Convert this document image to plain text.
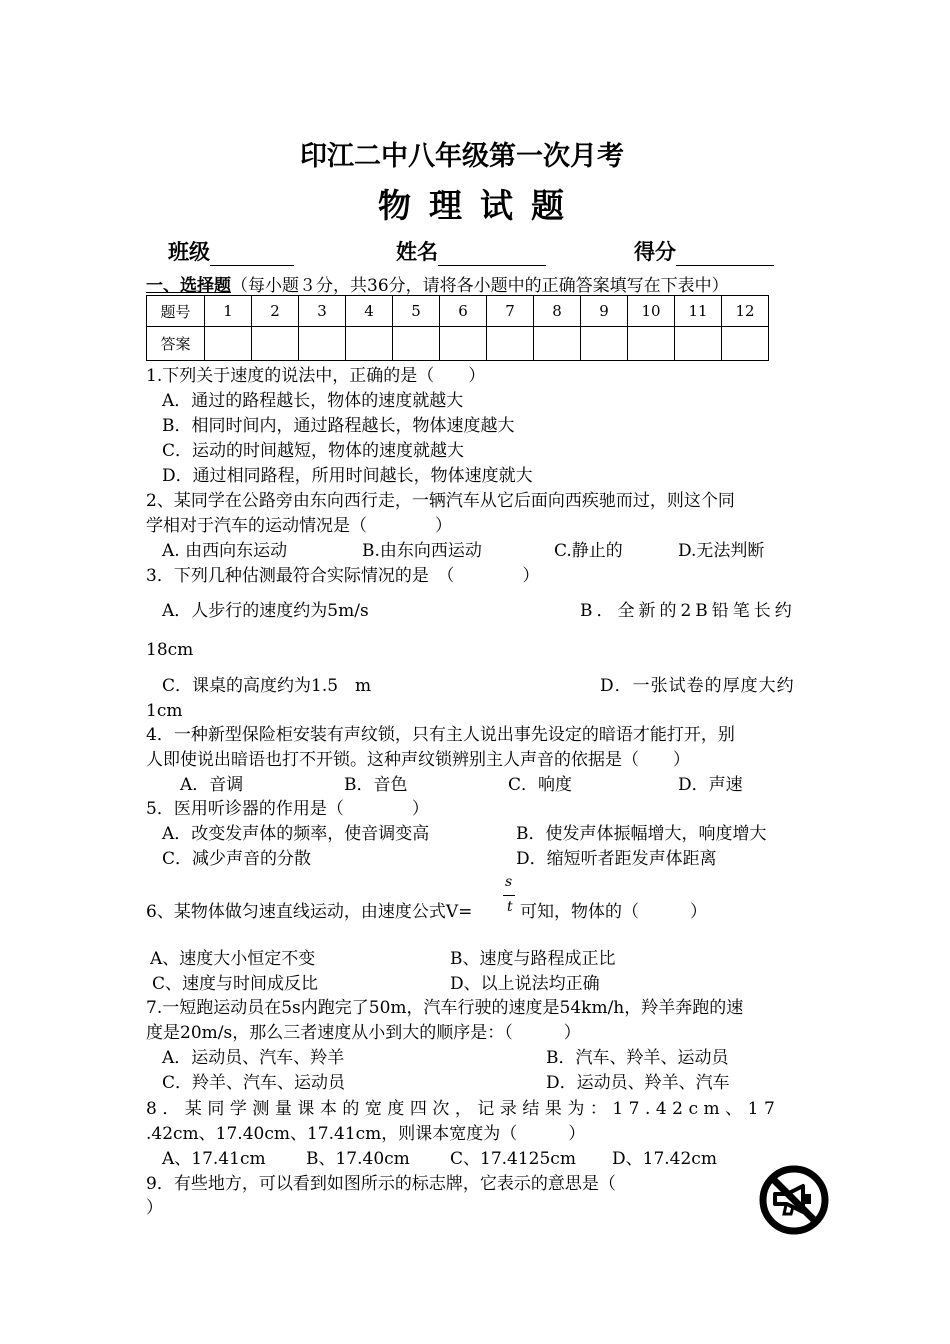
印江二中八年级第一次月考
物理试题
班级	姓名	得分
一、选择题（每小题３分，共36分，请将各小题中的正确答案填写在下表中）
题号	1	2	3	4	5	6	7	8	9	10	11	12
答案												
1.下列关于速度的说法中，正确的是（　　）
A．通过的路程越长，物体的速度就越大
B．相同时间内，通过路程越长，物体速度越大
C．运动的时间越短，物体的速度就越大
D．通过相同路程，所用时间越长，物体速度就大
2、某同学在公路旁由东向西行走，一辆汽车从它后面向西疾驰而过，则这个同
学相对于汽车的运动情况是（　　　　）
A. 由西向东运动	B.由东向西运动	C.静止的	D.无法判断
3．下列几种估测最符合实际情况的是　（　　　　）
A．人步行的速度约为5m/s	B．全新的2B铅笔长约
18cm
C．课桌的高度约为1.5　m	D．一张试卷的厚度大约
1cm
4．一种新型保险柜安装有声纹锁，只有主人说出事先设定的暗语才能打开，别
人即使说出暗语也打不开锁。这种声纹锁辨别主人声音的依据是（　　）
A．音调	B．音色	C．响度	D．声速
5．医用听诊器的作用是（　　　　）
A．改变发声体的频率，使音调变高	B．使发声体振幅增大，响度增大
C．减少声音的分散	D．缩短听者距发声体距离
6、某物体做匀速直线运动，由速度公式V=
s
t 可知，物体的（　　　）
A、速度大小恒定不变	B、速度与路程成正比
C、速度与时间成反比	D、以上说法均正确
7.一短跑运动员在5s内跑完了50m，汽车行驶的速度是54km/h，羚羊奔跑的速
度是20m/s，那么三者速度从小到大的顺序是：（　　　）
A．运动员、汽车、羚羊	B．汽车、羚羊、运动员
C．羚羊、汽车、运动员	D．运动员、羚羊、汽车
8．某同学测量课本的宽度四次，记录结果为：17.42cm、17
.42cm、17.40cm、17.41cm，则课本宽度为（　　　）
A、17.41cm B、17.40cm C、17.4125cm D、17.42cm
9．有些地方，可以看到如图所示的标志牌，它表示的意思是（
）
